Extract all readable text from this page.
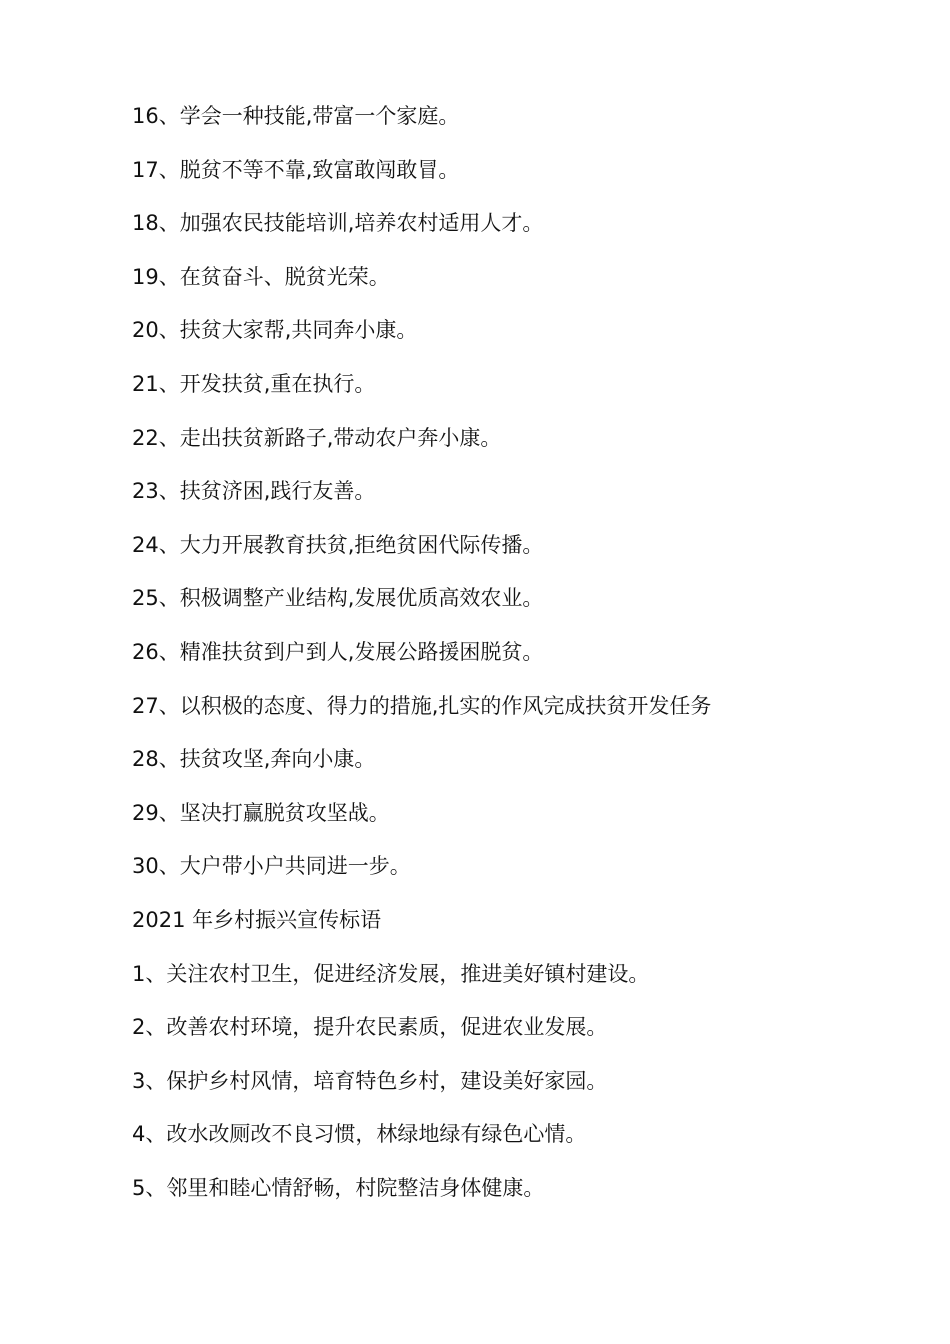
16、学会一种技能,带富一个家庭。
17、脱贫不等不靠,致富敢闯敢冒。
18、加强农民技能培训,培养农村适用人才。
19、在贫奋斗、脱贫光荣。
20、扶贫大家帮,共同奔小康。
21、开发扶贫,重在执行。
22、走出扶贫新路子,带动农户奔小康。
23、扶贫济困,践行友善。
24、大力开展教育扶贫,拒绝贫困代际传播。
25、积极调整产业结构,发展优质高效农业。
26、精准扶贫到户到人,发展公路援困脱贫。
27、以积极的态度、得力的措施,扎实的作风完成扶贫开发任务
28、扶贫攻坚,奔向小康。
29、坚决打赢脱贫攻坚战。
30、大户带小户共同进一步。
2021 年乡村振兴宣传标语
1、关注农村卫生，促进经济发展，推进美好镇村建设。
2、改善农村环境，提升农民素质，促进农业发展。
3、保护乡村风情，培育特色乡村，建设美好家园。
4、改水改厕改不良习惯，林绿地绿有绿色心情。
5、邻里和睦心情舒畅，村院整洁身体健康。
